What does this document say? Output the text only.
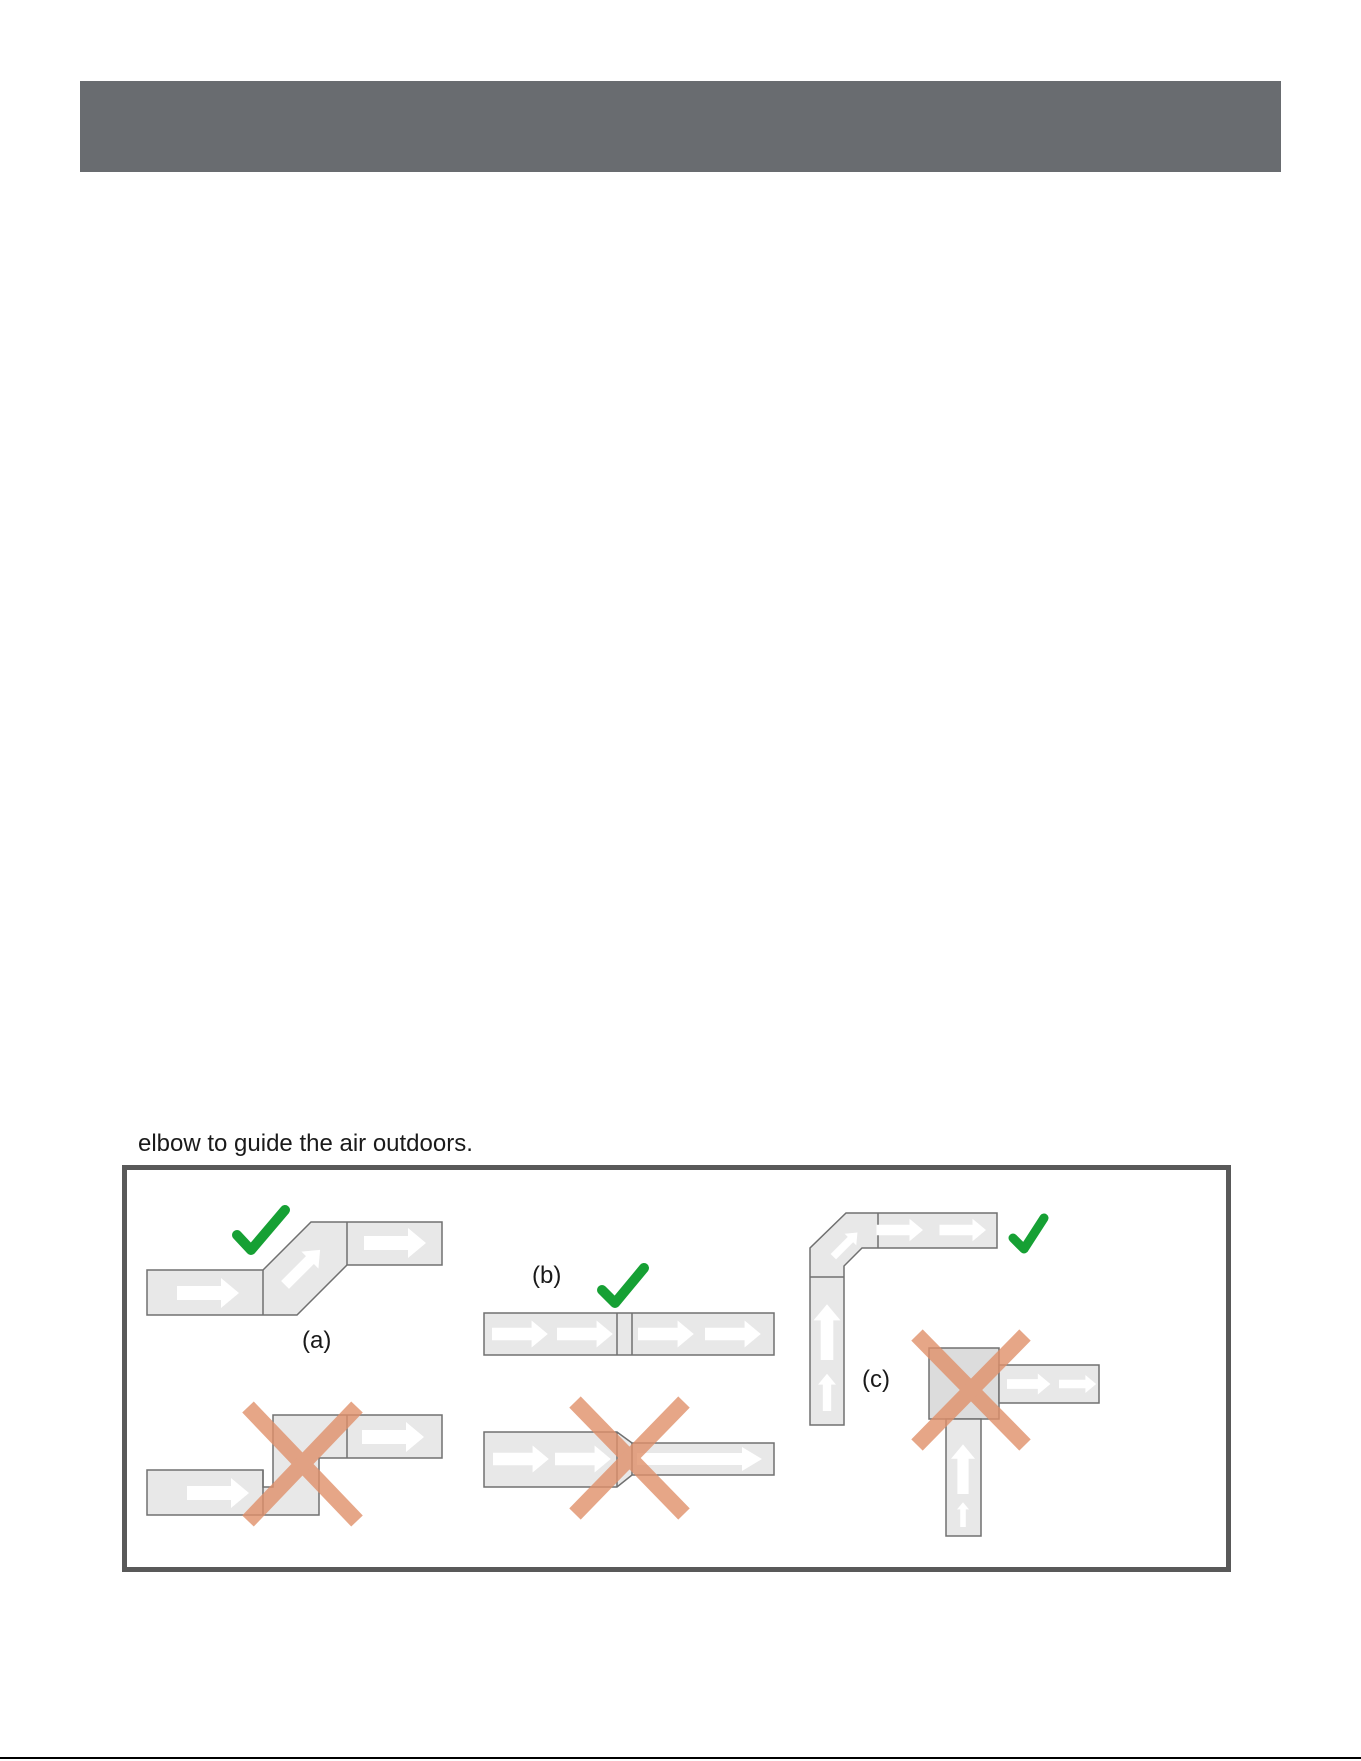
elbow to guide the air outdoors.
(a)
(b)
(c)
